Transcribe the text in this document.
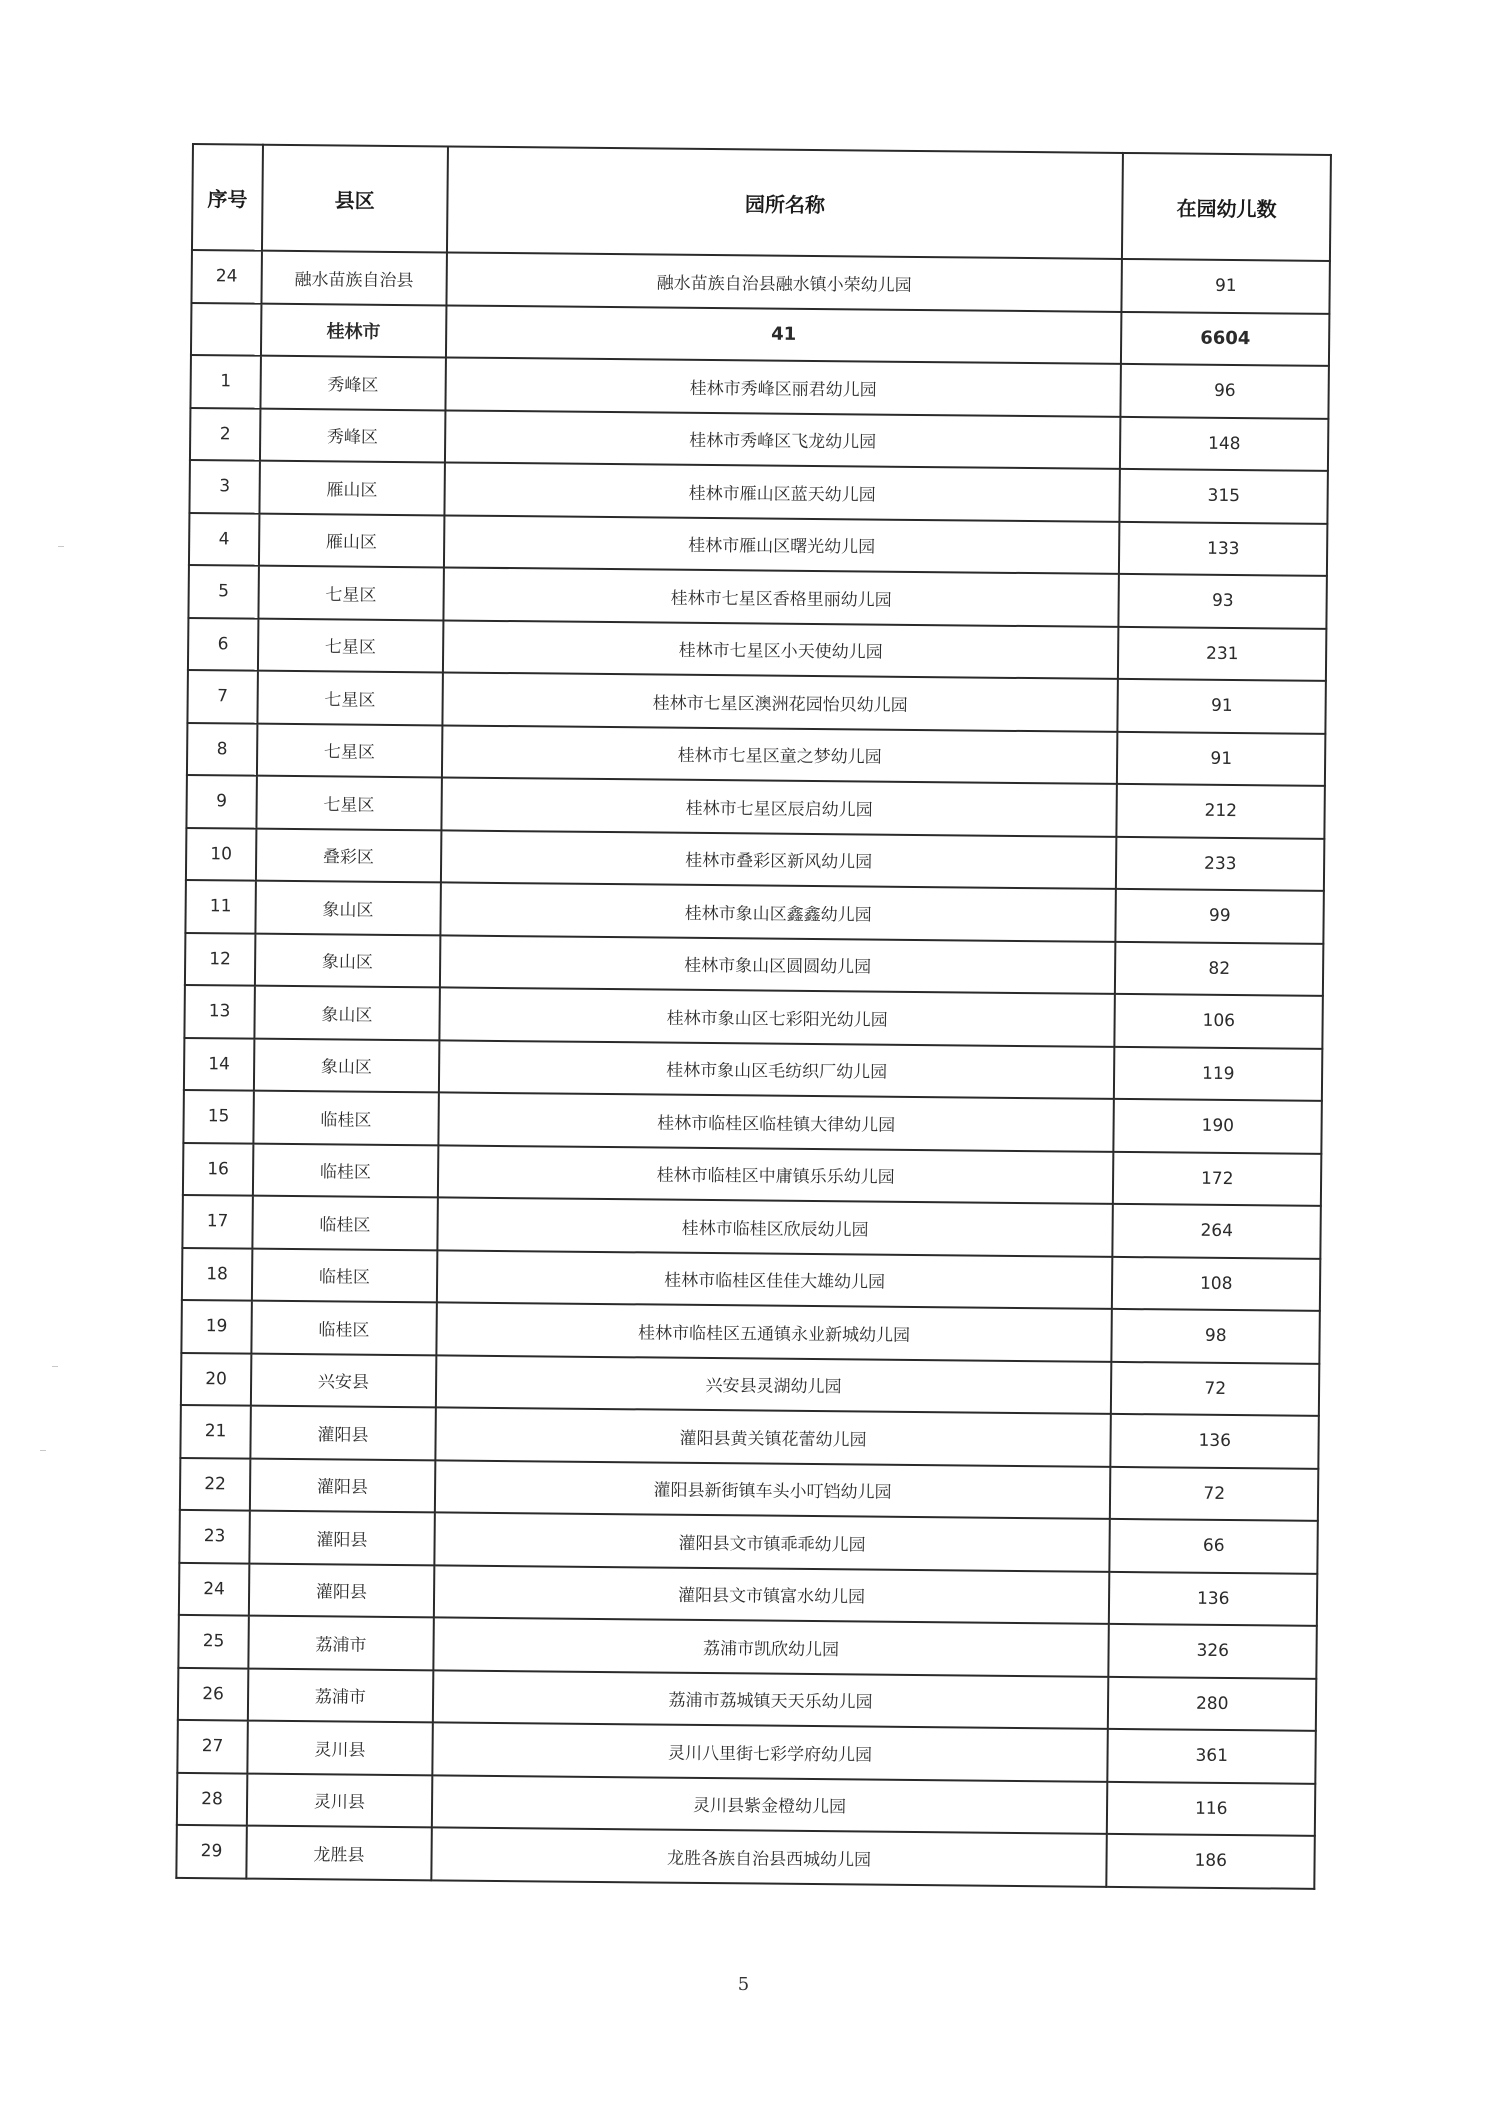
序号	县区	园所名称	在园幼儿数
24	融水苗族自治县	融水苗族自治县融水镇小荣幼儿园	91
	桂林市	41	6604
1	秀峰区	桂林市秀峰区丽君幼儿园	96
2	秀峰区	桂林市秀峰区飞龙幼儿园	148
3	雁山区	桂林市雁山区蓝天幼儿园	315
4	雁山区	桂林市雁山区曙光幼儿园	133
5	七星区	桂林市七星区香格里丽幼儿园	93
6	七星区	桂林市七星区小天使幼儿园	231
7	七星区	桂林市七星区澳洲花园怡贝幼儿园	91
8	七星区	桂林市七星区童之梦幼儿园	91
9	七星区	桂林市七星区辰启幼儿园	212
10	叠彩区	桂林市叠彩区新风幼儿园	233
11	象山区	桂林市象山区鑫鑫幼儿园	99
12	象山区	桂林市象山区圆圆幼儿园	82
13	象山区	桂林市象山区七彩阳光幼儿园	106
14	象山区	桂林市象山区毛纺织厂幼儿园	119
15	临桂区	桂林市临桂区临桂镇大律幼儿园	190
16	临桂区	桂林市临桂区中庸镇乐乐幼儿园	172
17	临桂区	桂林市临桂区欣辰幼儿园	264
18	临桂区	桂林市临桂区佳佳大雄幼儿园	108
19	临桂区	桂林市临桂区五通镇永业新城幼儿园	98
20	兴安县	兴安县灵湖幼儿园	72
21	灌阳县	灌阳县黄关镇花蕾幼儿园	136
22	灌阳县	灌阳县新街镇车头小叮铛幼儿园	72
23	灌阳县	灌阳县文市镇乖乖幼儿园	66
24	灌阳县	灌阳县文市镇富水幼儿园	136
25	荔浦市	荔浦市凯欣幼儿园	326
26	荔浦市	荔浦市荔城镇天天乐幼儿园	280
27	灵川县	灵川八里街七彩学府幼儿园	361
28	灵川县	灵川县紫金橙幼儿园	116
29	龙胜县	龙胜各族自治县西城幼儿园	186
5
